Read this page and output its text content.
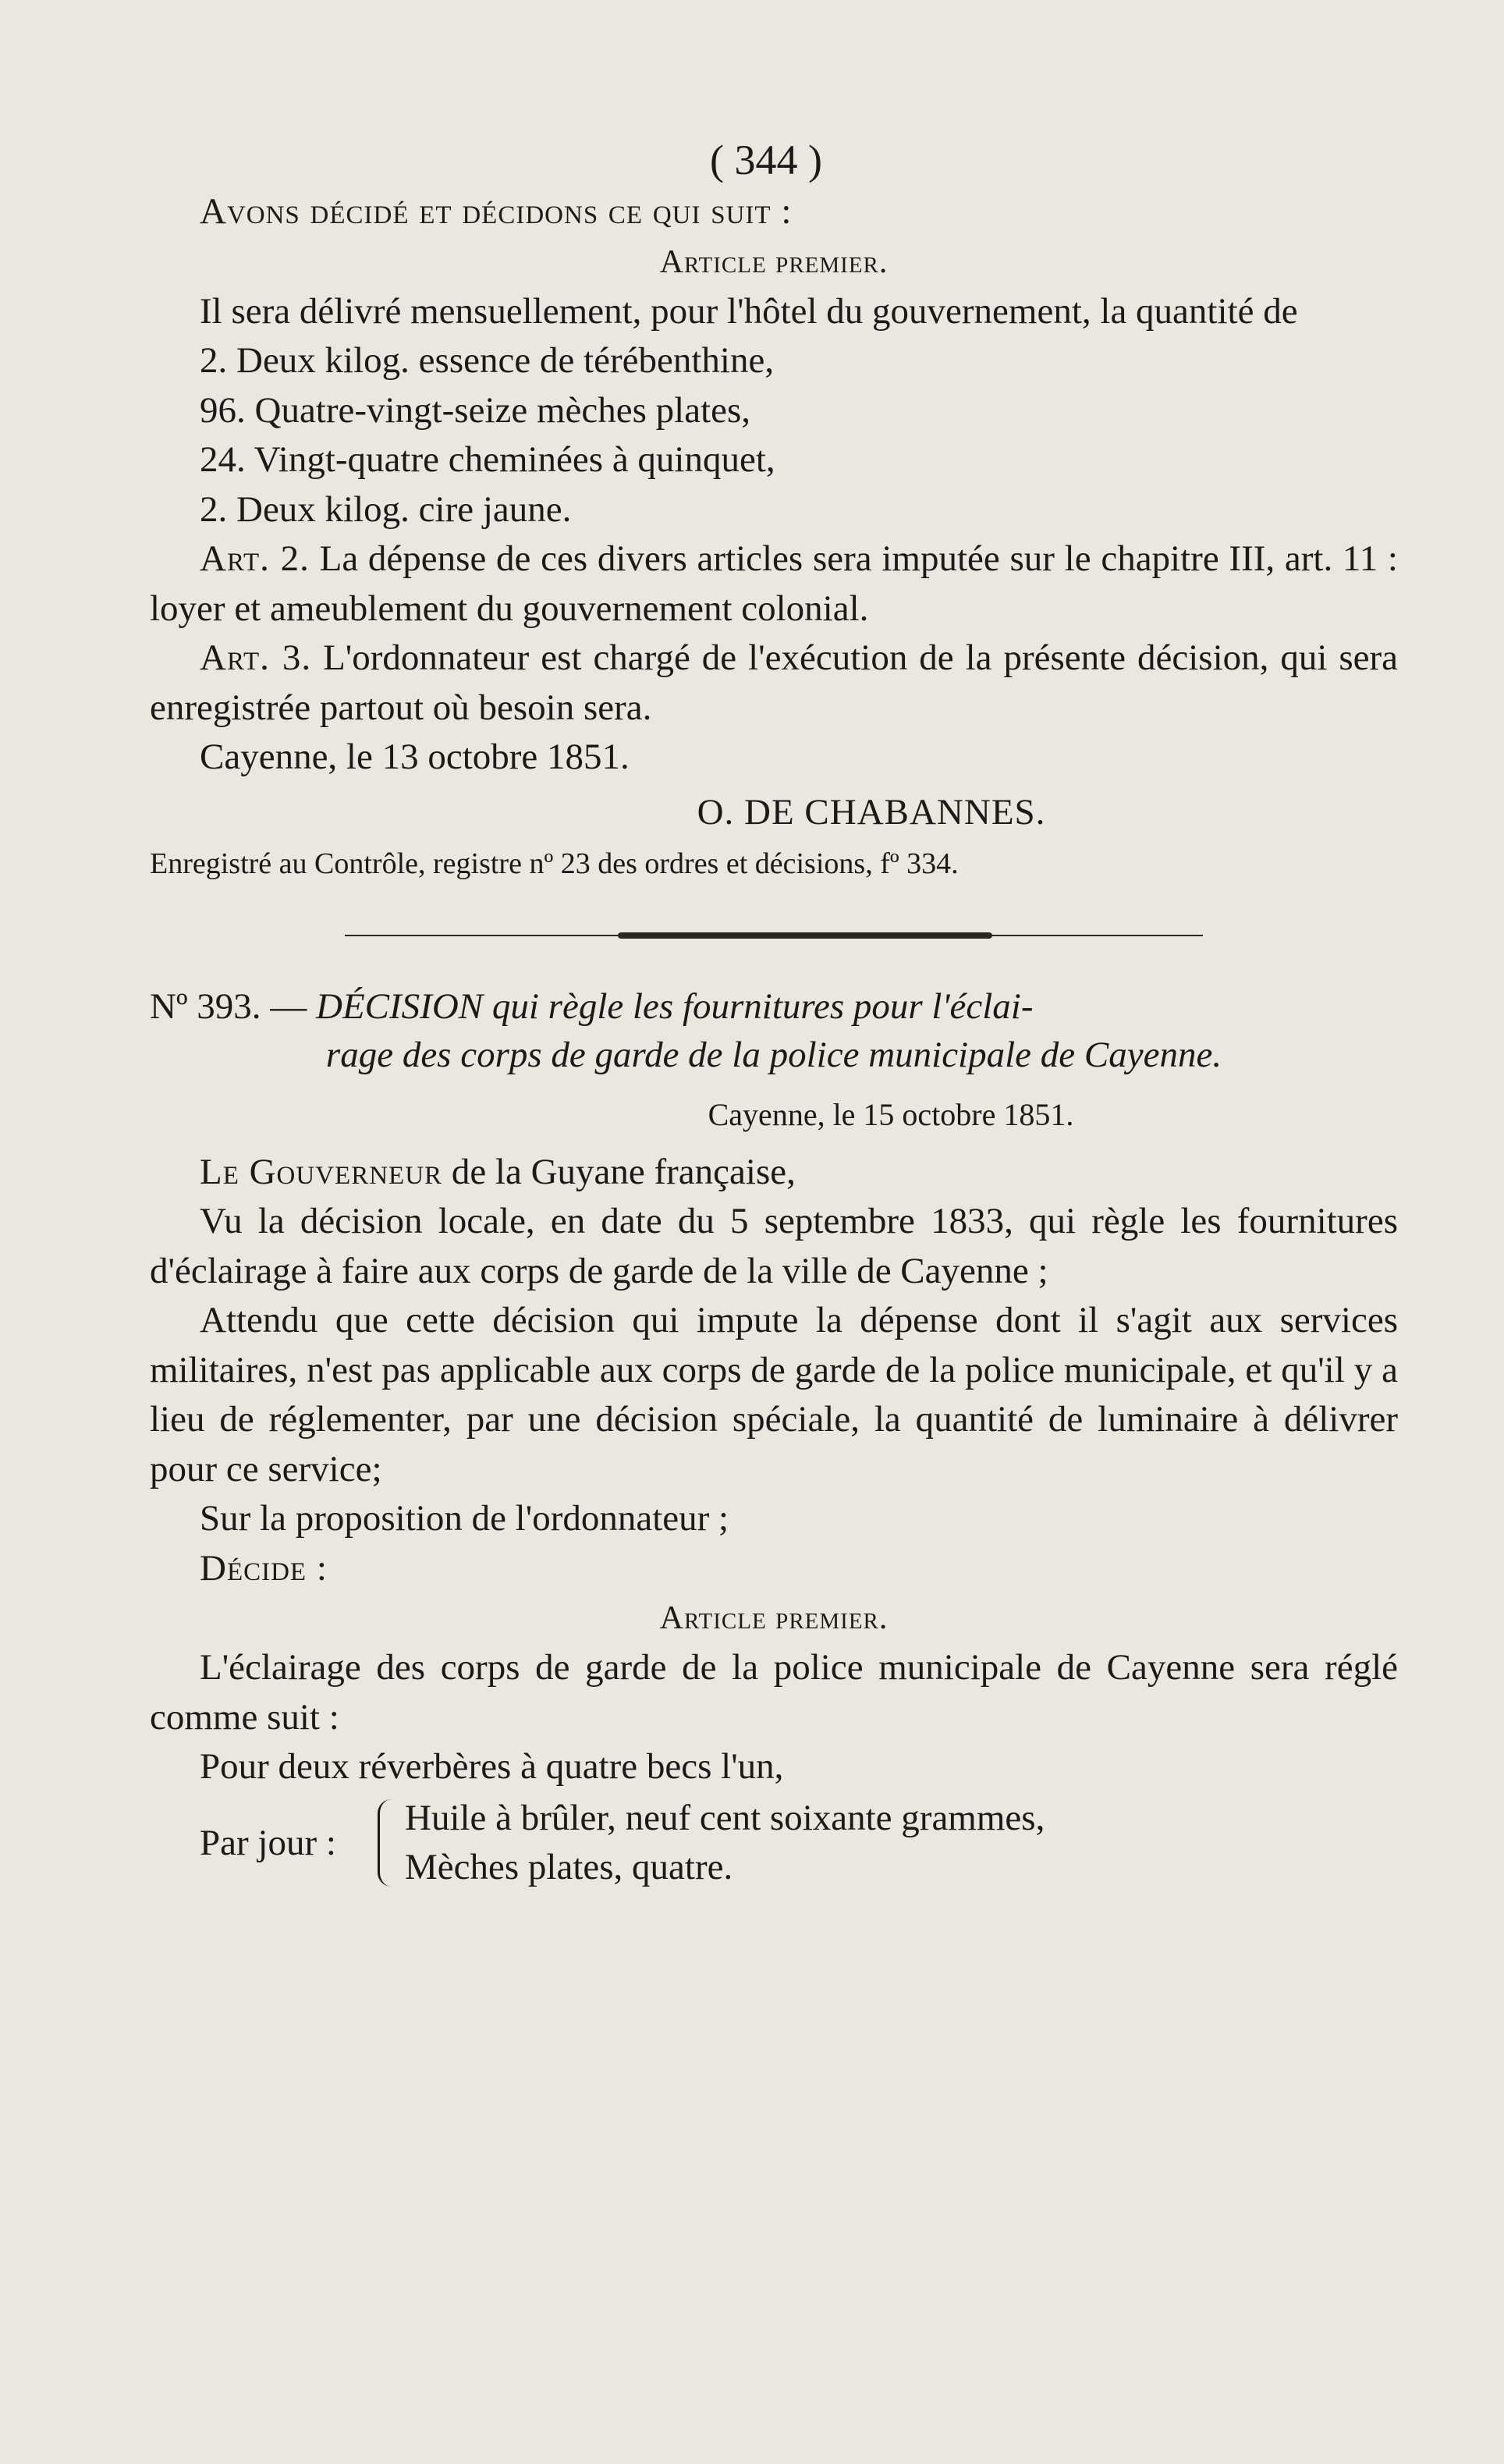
( 344 )

Avons décidé et décidons ce qui suit :

Article premier.

Il sera délivré mensuellement, pour l'hôtel du gouvernement, la quantité de

2. Deux kilog. essence de térébenthine,

96. Quatre-vingt-seize mèches plates,

24. Vingt-quatre cheminées à quinquet,

2. Deux kilog. cire jaune.

Art. 2. La dépense de ces divers articles sera imputée sur le chapitre III, art. 11 : loyer et ameublement du gouvernement colonial.

Art. 3. L'ordonnateur est chargé de l'exécution de la présente décision, qui sera enregistrée partout où besoin sera.

Cayenne, le 13 octobre 1851.

O. DE CHABANNES.

Enregistré au Contrôle, registre nº 23 des ordres et décisions, fº 334.

Nº 393. — DÉCISION qui règle les fournitures pour l'éclai-

rage des corps de garde de la police municipale de Cayenne.

Cayenne, le 15 octobre 1851.

Le Gouverneur de la Guyane française,

Vu la décision locale, en date du 5 septembre 1833, qui règle les fournitures d'éclairage à faire aux corps de garde de la ville de Cayenne ;

Attendu que cette décision qui impute la dépense dont il s'agit aux services militaires, n'est pas applicable aux corps de garde de la police municipale, et qu'il y a lieu de réglementer, par une décision spéciale, la quantité de luminaire à délivrer pour ce service;

Sur la proposition de l'ordonnateur ;

Décide :

Article premier.

L'éclairage des corps de garde de la police municipale de Cayenne sera réglé comme suit :

Pour deux réverbères à quatre becs l'un,

Par jour :

Huile à brûler, neuf cent soixante grammes,

Mèches plates, quatre.
